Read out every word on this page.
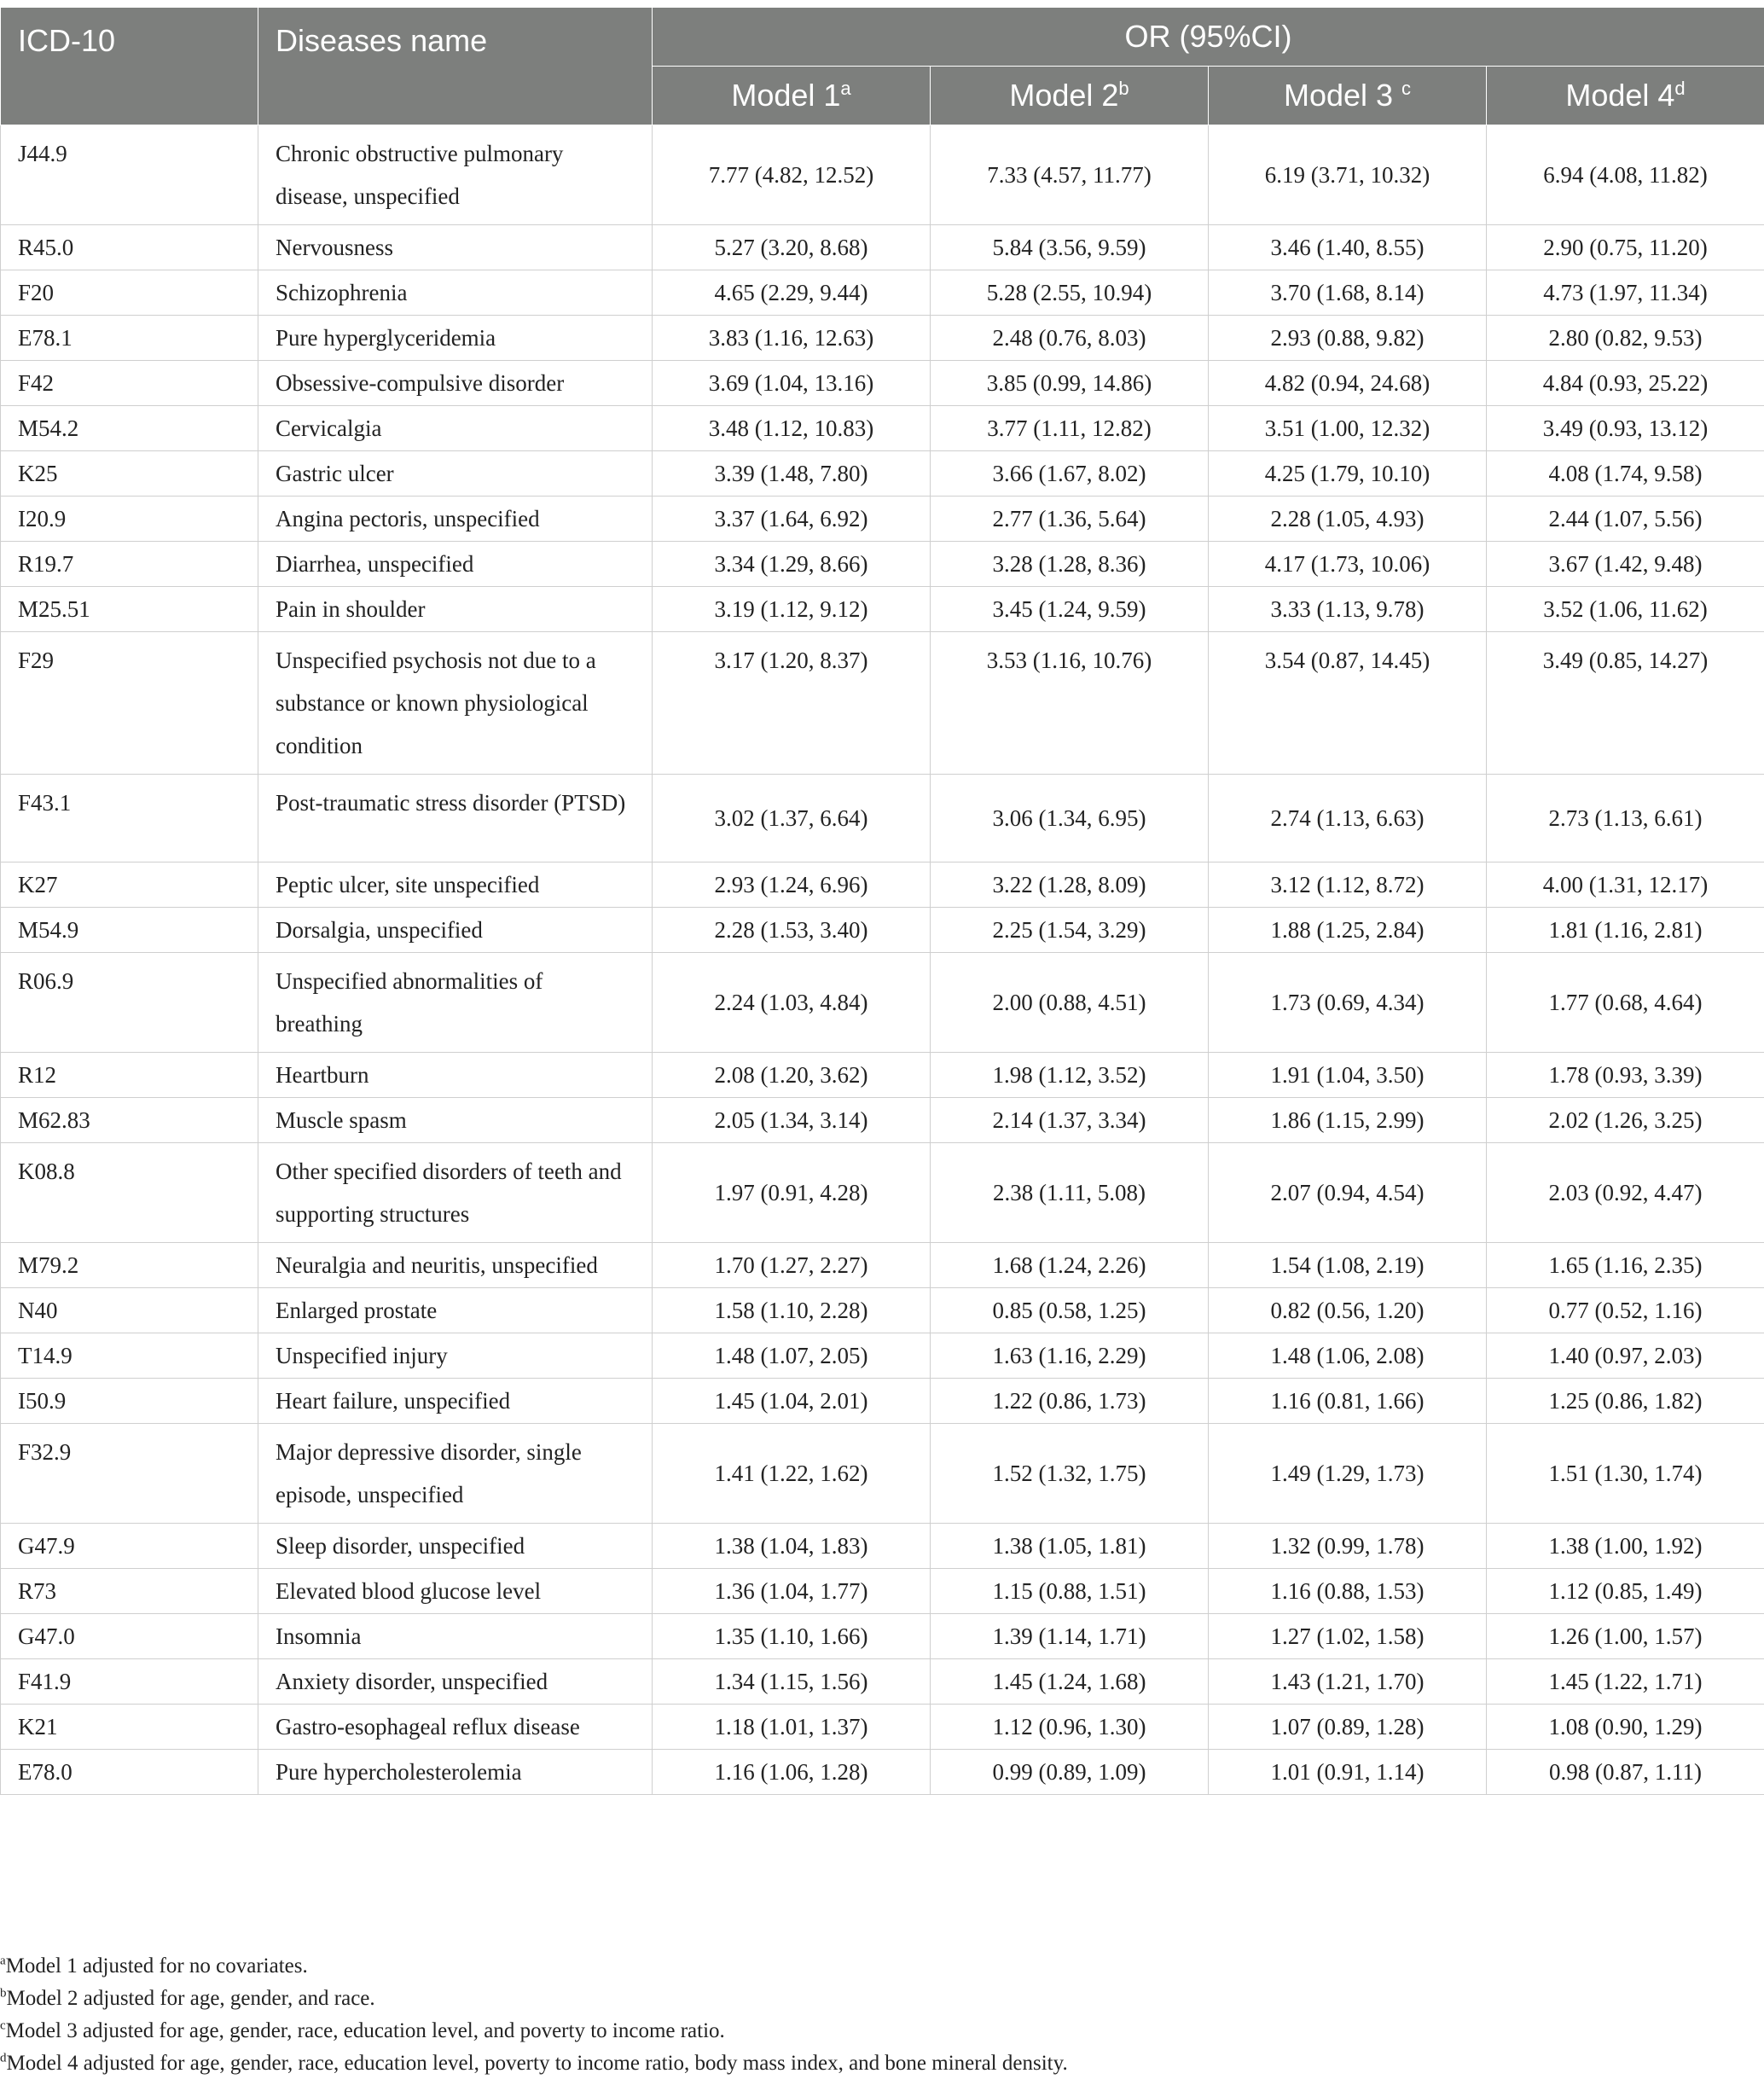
ICD-10	Diseases name	OR (95%CI)			
		Model 1$^a$	Model 2$^b$	Model 3 $^c$	Model 4$^d$
J44.9	Chronic obstructive pulmonary disease, unspecified	7.77 (4.82, 12.52)	7.33 (4.57, 11.77)	6.19 (3.71, 10.32)	6.94 (4.08, 11.82)
R45.0	Nervousness	5.27 (3.20, 8.68)	5.84 (3.56, 9.59)	3.46 (1.40, 8.55)	2.90 (0.75, 11.20)
F20	Schizophrenia	4.65 (2.29, 9.44)	5.28 (2.55, 10.94)	3.70 (1.68, 8.14)	4.73 (1.97, 11.34)
E78.1	Pure hyperglyceridemia	3.83 (1.16, 12.63)	2.48 (0.76, 8.03)	2.93 (0.88, 9.82)	2.80 (0.82, 9.53)
F42	Obsessive-compulsive disorder	3.69 (1.04, 13.16)	3.85 (0.99, 14.86)	4.82 (0.94, 24.68)	4.84 (0.93, 25.22)
M54.2	Cervicalgia	3.48 (1.12, 10.83)	3.77 (1.11, 12.82)	3.51 (1.00, 12.32)	3.49 (0.93, 13.12)
K25	Gastric ulcer	3.39 (1.48, 7.80)	3.66 (1.67, 8.02)	4.25 (1.79, 10.10)	4.08 (1.74, 9.58)
I20.9	Angina pectoris, unspecified	3.37 (1.64, 6.92)	2.77 (1.36, 5.64)	2.28 (1.05, 4.93)	2.44 (1.07, 5.56)
R19.7	Diarrhea, unspecified	3.34 (1.29, 8.66)	3.28 (1.28, 8.36)	4.17 (1.73, 10.06)	3.67 (1.42, 9.48)
M25.51	Pain in shoulder	3.19 (1.12, 9.12)	3.45 (1.24, 9.59)	3.33 (1.13, 9.78)	3.52 (1.06, 11.62)
F29	Unspecified psychosis not due to a substance or known physiological condition	3.17 (1.20, 8.37)	3.53 (1.16, 10.76)	3.54 (0.87, 14.45)	3.49 (0.85, 14.27)
F43.1	Post-traumatic stress disorder (PTSD)	3.02 (1.37, 6.64)	3.06 (1.34, 6.95)	2.74 (1.13, 6.63)	2.73 (1.13, 6.61)
K27	Peptic ulcer, site unspecified	2.93 (1.24, 6.96)	3.22 (1.28, 8.09)	3.12 (1.12, 8.72)	4.00 (1.31, 12.17)
M54.9	Dorsalgia, unspecified	2.28 (1.53, 3.40)	2.25 (1.54, 3.29)	1.88 (1.25, 2.84)	1.81 (1.16, 2.81)
R06.9	Unspecified abnormalities of breathing	2.24 (1.03, 4.84)	2.00 (0.88, 4.51)	1.73 (0.69, 4.34)	1.77 (0.68, 4.64)
R12	Heartburn	2.08 (1.20, 3.62)	1.98 (1.12, 3.52)	1.91 (1.04, 3.50)	1.78 (0.93, 3.39)
M62.83	Muscle spasm	2.05 (1.34, 3.14)	2.14 (1.37, 3.34)	1.86 (1.15, 2.99)	2.02 (1.26, 3.25)
K08.8	Other specified disorders of teeth and supporting structures	1.97 (0.91, 4.28)	2.38 (1.11, 5.08)	2.07 (0.94, 4.54)	2.03 (0.92, 4.47)
M79.2	Neuralgia and neuritis, unspecified	1.70 (1.27, 2.27)	1.68 (1.24, 2.26)	1.54 (1.08, 2.19)	1.65 (1.16, 2.35)
N40	Enlarged prostate	1.58 (1.10, 2.28)	0.85 (0.58, 1.25)	0.82 (0.56, 1.20)	0.77 (0.52, 1.16)
T14.9	Unspecified injury	1.48 (1.07, 2.05)	1.63 (1.16, 2.29)	1.48 (1.06, 2.08)	1.40 (0.97, 2.03)
I50.9	Heart failure, unspecified	1.45 (1.04, 2.01)	1.22 (0.86, 1.73)	1.16 (0.81, 1.66)	1.25 (0.86, 1.82)
F32.9	Major depressive disorder, single episode, unspecified	1.41 (1.22, 1.62)	1.52 (1.32, 1.75)	1.49 (1.29, 1.73)	1.51 (1.30, 1.74)
G47.9	Sleep disorder, unspecified	1.38 (1.04, 1.83)	1.38 (1.05, 1.81)	1.32 (0.99, 1.78)	1.38 (1.00, 1.92)
R73	Elevated blood glucose level	1.36 (1.04, 1.77)	1.15 (0.88, 1.51)	1.16 (0.88, 1.53)	1.12 (0.85, 1.49)
G47.0	Insomnia	1.35 (1.10, 1.66)	1.39 (1.14, 1.71)	1.27 (1.02, 1.58)	1.26 (1.00, 1.57)
F41.9	Anxiety disorder, unspecified	1.34 (1.15, 1.56)	1.45 (1.24, 1.68)	1.43 (1.21, 1.70)	1.45 (1.22, 1.71)
K21	Gastro-esophageal reflux disease	1.18 (1.01, 1.37)	1.12 (0.96, 1.30)	1.07 (0.89, 1.28)	1.08 (0.90, 1.29)
E78.0	Pure hypercholesterolemia	1.16 (1.06, 1.28)	0.99 (0.89, 1.09)	1.01 (0.91, 1.14)	0.98 (0.87, 1.11)
$^a$Model 1 adjusted for no covariates.
$^b$Model 2 adjusted for age, gender, and race.
$^c$Model 3 adjusted for age, gender, race, education level, and poverty to income ratio.
$^d$Model 4 adjusted for age, gender, race, education level, poverty to income ratio, body mass index, and bone mineral density.
